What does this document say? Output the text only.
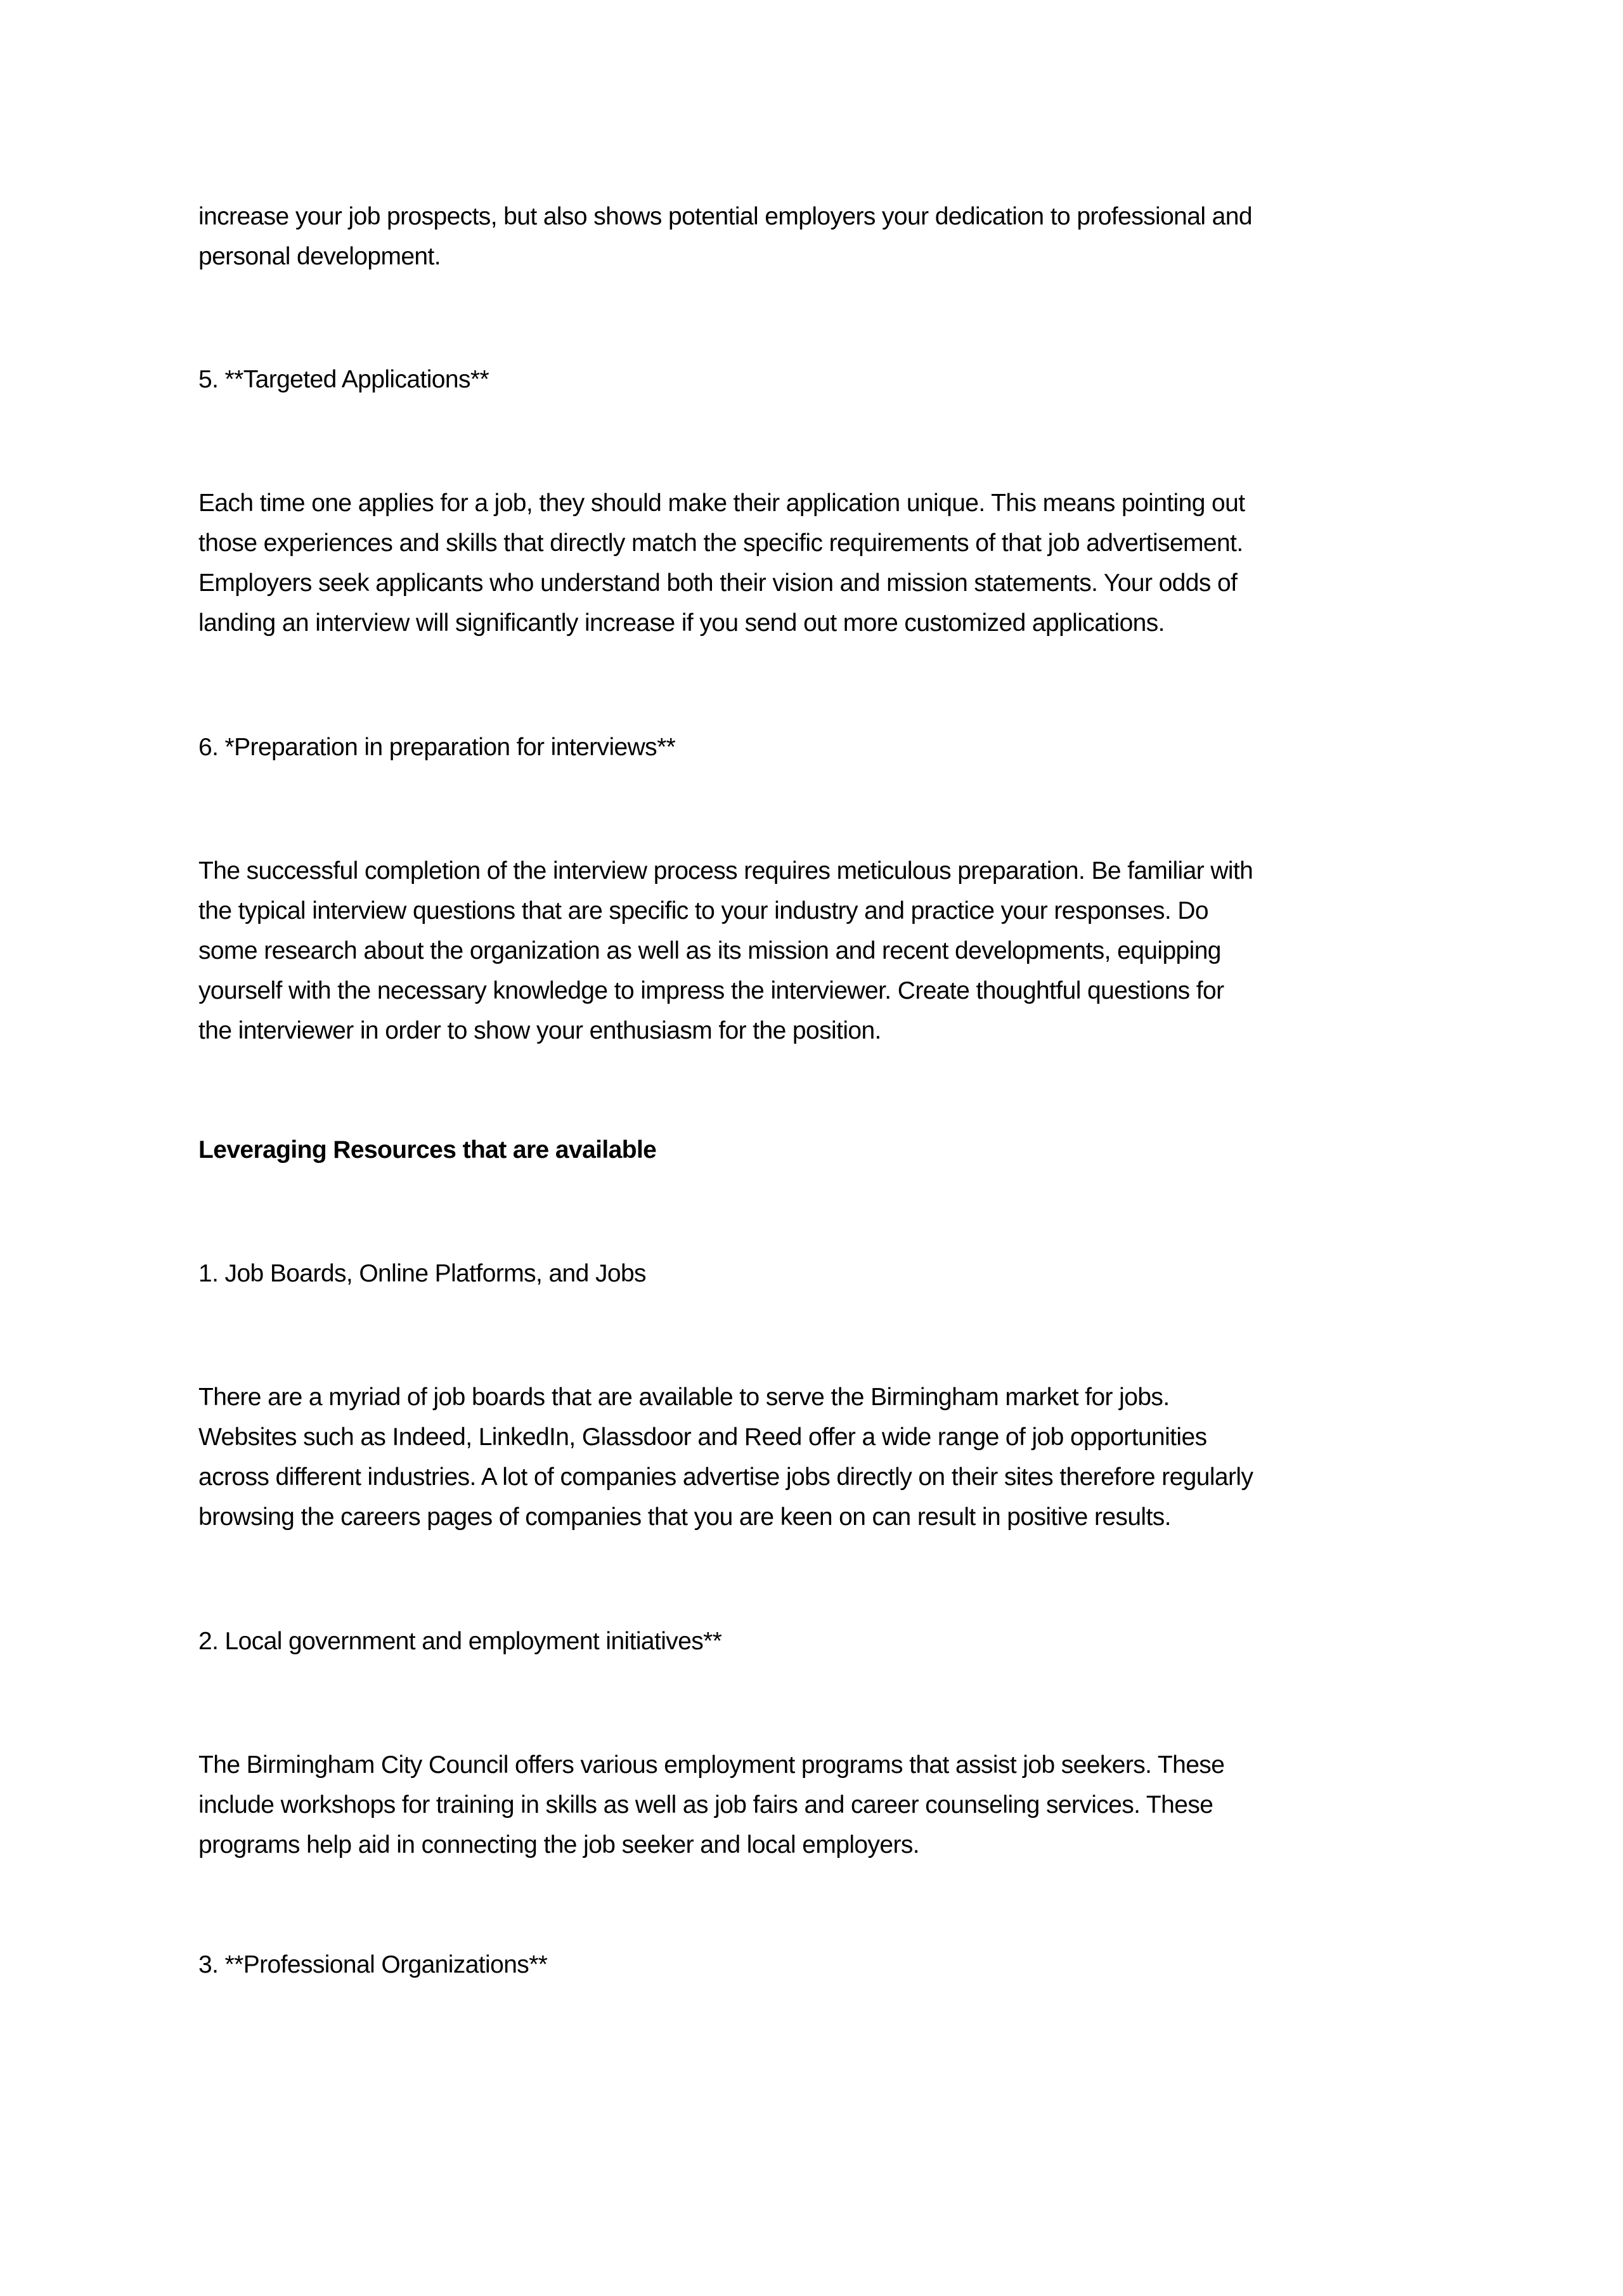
increase your job prospects, but also shows potential employers your dedication to professional and
personal development.
5. **Targeted Applications**
Each time one applies for a job, they should make their application unique. This means pointing out
those experiences and skills that directly match the specific requirements of that job advertisement.
Employers seek applicants who understand both their vision and mission statements. Your odds of
landing an interview will significantly increase if you send out more customized applications.
6. *Preparation in preparation for interviews**
The successful completion of the interview process requires meticulous preparation. Be familiar with
the typical interview questions that are specific to your industry and practice your responses. Do
some research about the organization as well as its mission and recent developments, equipping
yourself with the necessary knowledge to impress the interviewer. Create thoughtful questions for
the interviewer in order to show your enthusiasm for the position.
Leveraging Resources that are available
1. Job Boards, Online Platforms, and Jobs
There are a myriad of job boards that are available to serve the Birmingham market for jobs.
Websites such as Indeed, LinkedIn, Glassdoor and Reed offer a wide range of job opportunities
across different industries. A lot of companies advertise jobs directly on their sites therefore regularly
browsing the careers pages of companies that you are keen on can result in positive results.
2. Local government and employment initiatives**
The Birmingham City Council offers various employment programs that assist job seekers. These
include workshops for training in skills as well as job fairs and career counseling services. These
programs help aid in connecting the job seeker and local employers.
3. **Professional Organizations**
